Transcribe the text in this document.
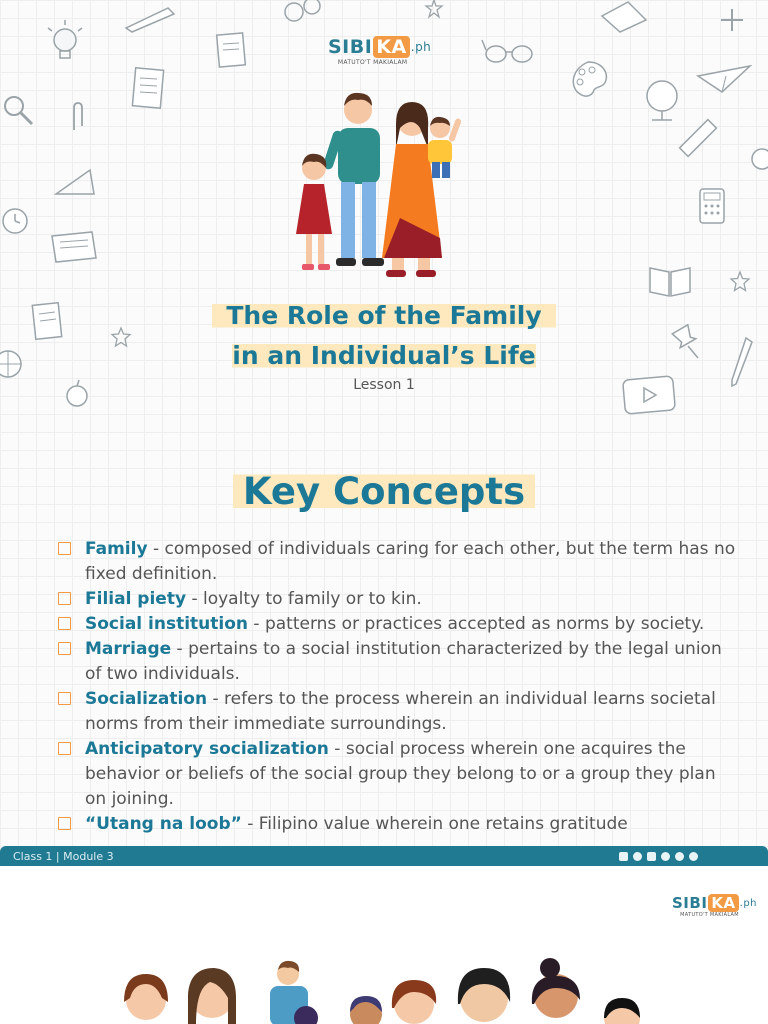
SIBI KA .ph
MATUTO'T MAKIALAM
The Role of the Family
in an Individual’s Life
Lesson 1
Key Concepts
Family - composed of individuals caring for each other, but the term has no fixed definition.
Filial piety - loyalty to family or to kin.
Social institution - patterns or practices accepted as norms by society.
Marriage - pertains to a social institution characterized by the legal union of two individuals.
Socialization - refers to the process wherein an individual learns societal norms from their immediate surroundings.
Anticipatory socialization - social process wherein one acquires the behavior or beliefs of the social group they belong to or a group they plan on joining.
“Utang na loob” - Filipino value wherein one retains gratitude
Class 1 | Module 3
SIBI KA .ph
MATUTO'T MAKIALAM
